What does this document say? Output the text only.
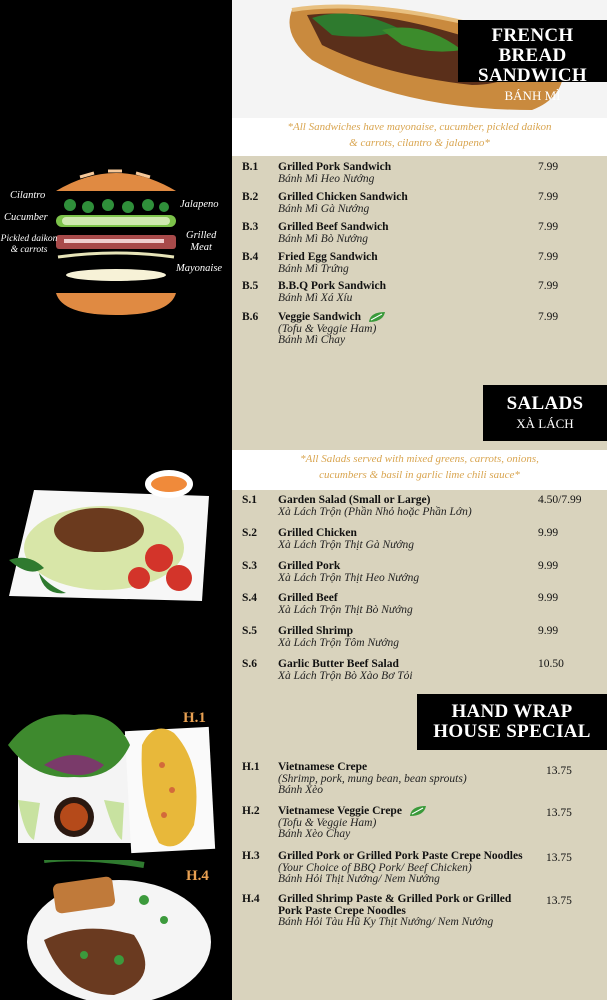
FRENCH BREAD
SANDWICH
BÁNH MÌ
*All Sandwiches have mayonaise, cucumber, pickled daikon
& carrots, cilantro & jalapeno*
Cilantro
Cucumber
Pickled daikon
& carrots
Jalapeno
Grilled
Meat
Mayonaise
B.1 Grilled Pork Sandwich
Bánh Mì Heo Nướng
7.99
B.2 Grilled Chicken Sandwich
Bánh Mì Gà Nướng
7.99
B.3 Grilled Beef Sandwich
Bánh Mì Bò Nướng
7.99
B.4 Fried Egg Sandwich
Bánh Mì Trứng
7.99
B.5 B.B.Q Pork Sandwich
Bánh Mì Xá Xíu
7.99
B.6 Veggie Sandwich
(Tofu & Veggie Ham)
Bánh Mì Chay
7.99
SALADS
XÀ LÁCH
*All Salads served with mixed greens, carrots, onions,
cucumbers & basil in garlic lime chili sauce*
S.1 Garden Salad (Small or Large)
Xà Lách Trộn (Phần Nhỏ hoặc Phần Lớn)
4.50/7.99
S.2 Grilled Chicken
Xà Lách Trộn Thịt Gà Nướng
9.99
S.3 Grilled Pork
Xà Lách Trộn Thịt Heo Nướng
9.99
S.4 Grilled Beef
Xà Lách Trộn Thịt Bò Nướng
9.99
S.5 Grilled Shrimp
Xà Lách Trộn Tôm Nướng
9.99
S.6 Garlic Butter Beef Salad
Xà Lách Trộn Bò Xào Bơ Tỏi
10.50
HAND WRAP
HOUSE SPECIAL
H.1
H.4
H.1 Vietnamese Crepe
(Shrimp, pork, mung bean, bean sprouts)
Bánh Xèo
13.75
H.2 Vietnamese Veggie Crepe
(Tofu & Veggie Ham)
Bánh Xèo Chay
13.75
H.3 Grilled Pork or Grilled Pork Paste Crepe Noodles
(Your Choice of BBQ Pork/ Beef Chicken)
Bánh Hỏi Thịt Nướng/ Nem Nướng
13.75
H.4 Grilled Shrimp Paste & Grilled Pork or Grilled
Pork Paste Crepe Noodles
Bánh Hỏi Tàu Hũ Ky Thịt Nướng/ Nem Nướng
13.75
